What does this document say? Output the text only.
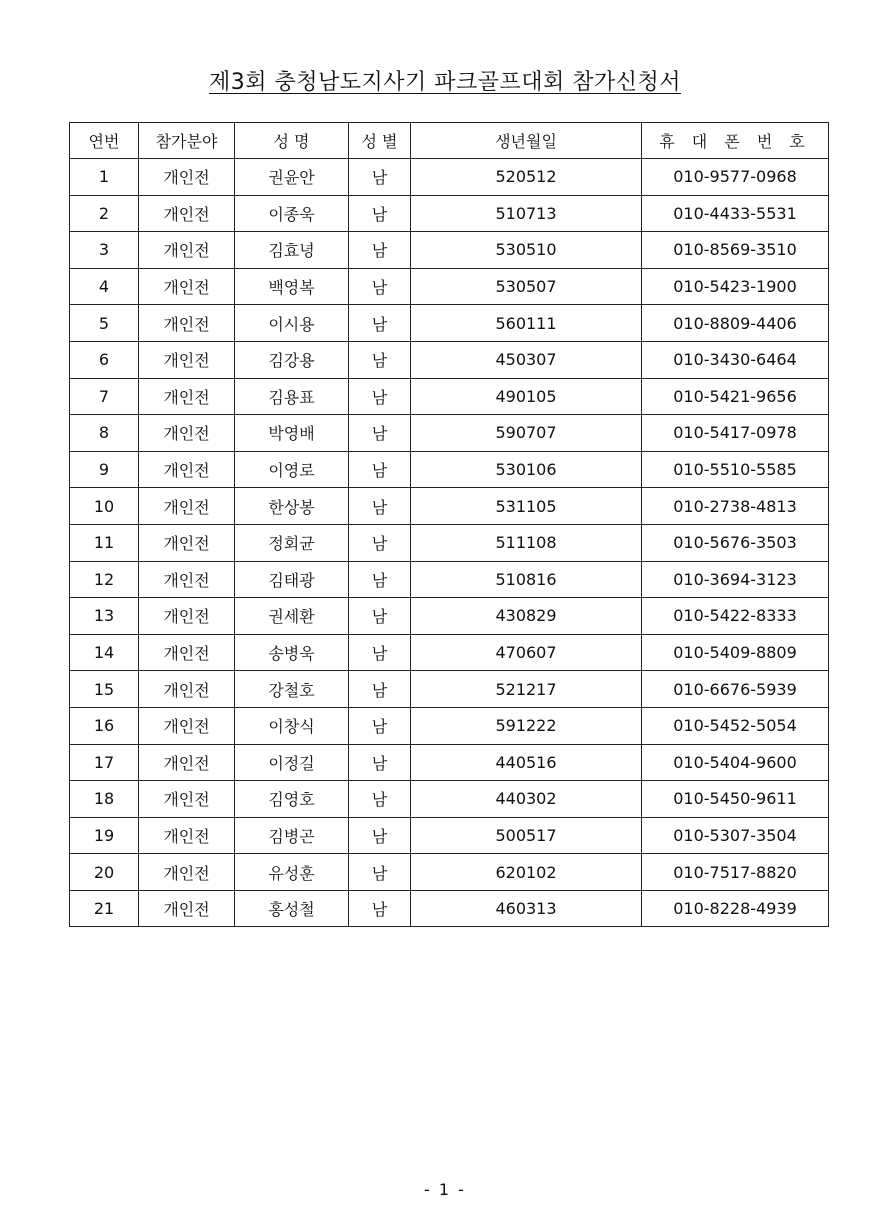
제3회 충청남도지사기 파크골프대회 참가신청서
연번	참가분야	성 명	성 별	생년월일	휴 대 폰 번 호
1	개인전	권윤안	남	520512	010-9577-0968
2	개인전	이종욱	남	510713	010-4433-5531
3	개인전	김효녕	남	530510	010-8569-3510
4	개인전	백영복	남	530507	010-5423-1900
5	개인전	이시용	남	560111	010-8809-4406
6	개인전	김강용	남	450307	010-3430-6464
7	개인전	김용표	남	490105	010-5421-9656
8	개인전	박영배	남	590707	010-5417-0978
9	개인전	이영로	남	530106	010-5510-5585
10	개인전	한상봉	남	531105	010-2738-4813
11	개인전	정회균	남	511108	010-5676-3503
12	개인전	김태광	남	510816	010-3694-3123
13	개인전	권세환	남	430829	010-5422-8333
14	개인전	송병욱	남	470607	010-5409-8809
15	개인전	강철호	남	521217	010-6676-5939
16	개인전	이창식	남	591222	010-5452-5054
17	개인전	이정길	남	440516	010-5404-9600
18	개인전	김영호	남	440302	010-5450-9611
19	개인전	김병곤	남	500517	010-5307-3504
20	개인전	유성훈	남	620102	010-7517-8820
21	개인전	홍성철	남	460313	010-8228-4939
- 1 -
